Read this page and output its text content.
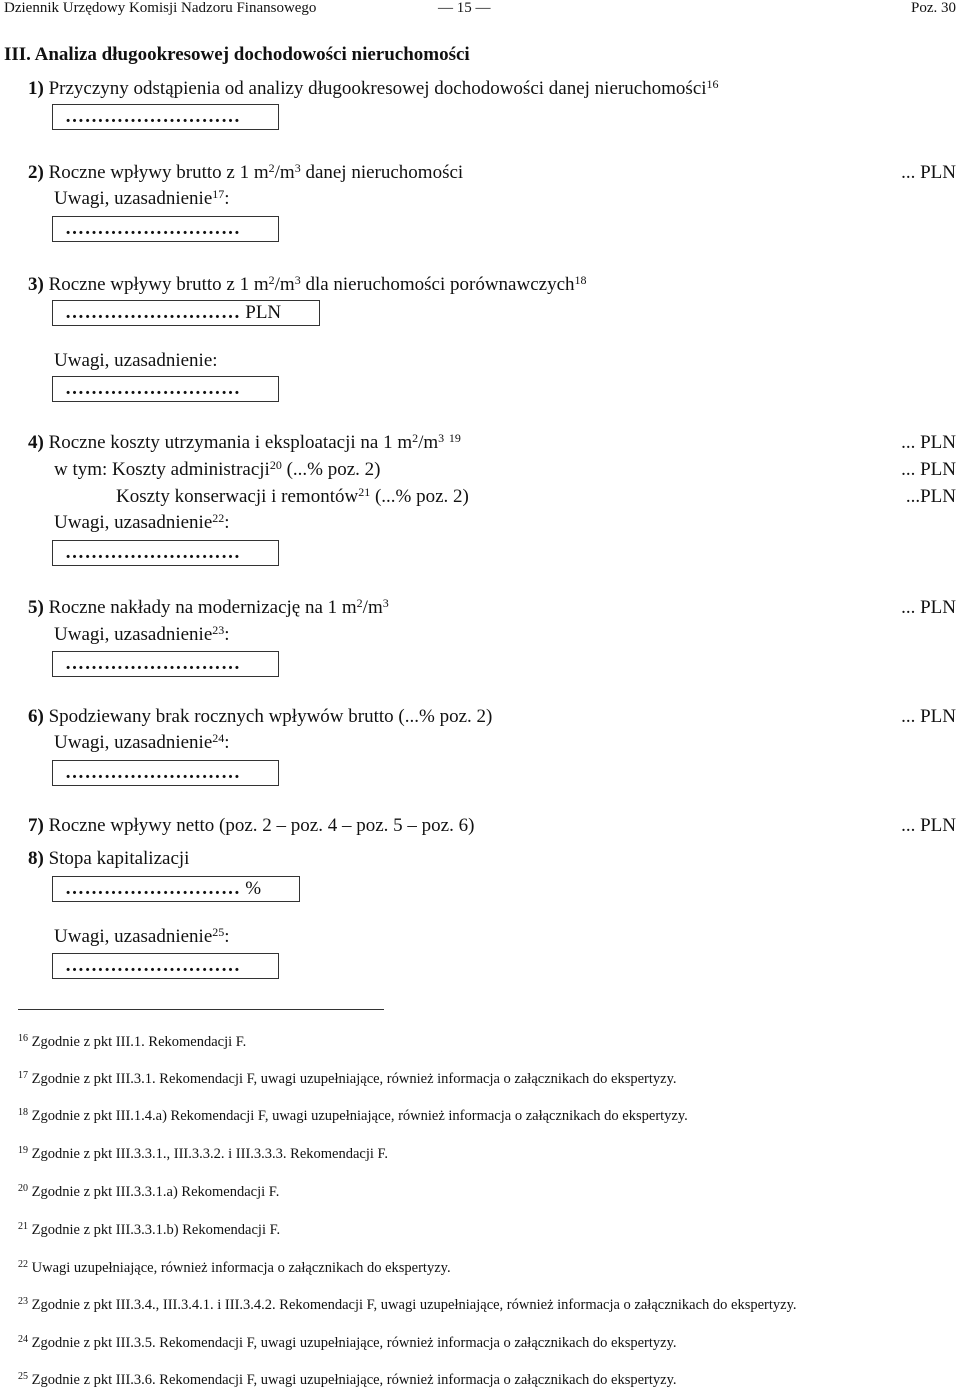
Dziennik Urzędowy Komisji Nadzoru Finansowego	— 15 —	Poz. 30
III. Analiza długookresowej dochodowości nieruchomości
1) Przyczyny odstąpienia od analizy długookresowej dochodowości danej nieruchomości$^{16}$
………………………
2) Roczne wpływy brutto z 1 $m^2/m^3$ danej nieruchomości	... PLN
Uwagi, uzasadnienie$^{17}$:
………………………
3) Roczne wpływy brutto z 1 $m^2/m^3$ dla nieruchomości porównawczych$^{18}$
……………………… PLN
Uwagi, uzasadnienie:
………………………
4) Roczne koszty utrzymania i eksploatacji na 1 $m^2/m^3$ $^{19}$	... PLN
w tym: Koszty administracji$^{20}$ (...% poz. 2)	... PLN
Koszty konserwacji i remontów$^{21}$ (...% poz. 2)	...PLN
Uwagi, uzasadnienie$^{22}$:
………………………
5) Roczne nakłady na modernizację na 1 $m^2/m^3$	... PLN
Uwagi, uzasadnienie$^{23}$:
………………………
6) Spodziewany brak rocznych wpływów brutto (...% poz. 2)	... PLN
Uwagi, uzasadnienie$^{24}$:
………………………
7) Roczne wpływy netto (poz. 2 – poz. 4 – poz. 5 – poz. 6)	... PLN
8) Stopa kapitalizacji
……………………… %
Uwagi, uzasadnienie$^{25}$:
………………………
$^{16}$ Zgodnie z pkt III.1. Rekomendacji F.
$^{17}$ Zgodnie z pkt III.3.1. Rekomendacji F, uwagi uzupełniające, również informacja o załącznikach do ekspertyzy.
$^{18}$ Zgodnie z pkt III.1.4.a) Rekomendacji F, uwagi uzupełniające, również informacja o załącznikach do ekspertyzy.
$^{19}$ Zgodnie z pkt III.3.3.1., III.3.3.2. i III.3.3.3. Rekomendacji F.
$^{20}$ Zgodnie z pkt III.3.3.1.a) Rekomendacji F.
$^{21}$ Zgodnie z pkt III.3.3.1.b) Rekomendacji F.
$^{22}$ Uwagi uzupełniające, również informacja o załącznikach do ekspertyzy.
$^{23}$ Zgodnie z pkt III.3.4., III.3.4.1. i III.3.4.2. Rekomendacji F, uwagi uzupełniające, również informacja o załącznikach do ekspertyzy.
$^{24}$ Zgodnie z pkt III.3.5. Rekomendacji F, uwagi uzupełniające, również informacja o załącznikach do ekspertyzy.
$^{25}$ Zgodnie z pkt III.3.6. Rekomendacji F, uwagi uzupełniające, również informacja o załącznikach do ekspertyzy.
